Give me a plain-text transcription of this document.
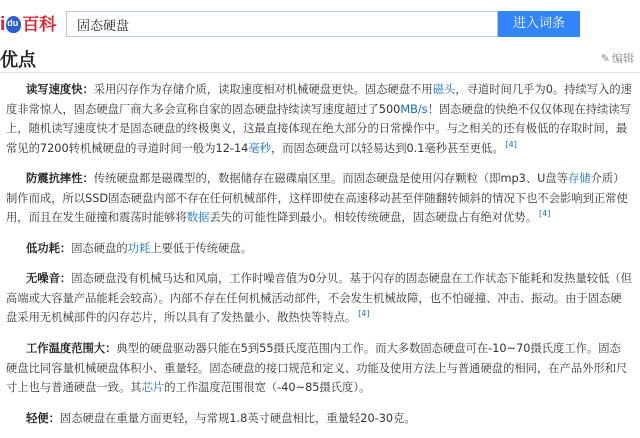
idu 百科
固态硬盘	进入词条
优点	✎ 编辑

读写速度快：采用闪存作为存储介质，读取速度相对机械硬盘更快。固态硬盘不用磁头，寻道时间几乎为0。持续写入的速度非常惊人，固态硬盘厂商大多会宣称自家的固态硬盘持续读写速度超过了500MB/s！固态硬盘的快绝不仅仅体现在持续读写上，随机读写速度快才是固态硬盘的终极奥义，这最直接体现在绝大部分的日常操作中。与之相关的还有极低的存取时间，最常见的7200转机械硬盘的寻道时间一般为12-14毫秒，而固态硬盘可以轻易达到0.1毫秒甚至更低。 [4]

防震抗摔性：传统硬盘都是磁碟型的，数据储存在磁碟扇区里。而固态硬盘是使用闪存颗粒（即mp3、U盘等存储介质）制作而成，所以SSD固态硬盘内部不存在任何机械部件，这样即使在高速移动甚至伴随翻转倾斜的情况下也不会影响到正常使用，而且在发生碰撞和震荡时能够将数据丢失的可能性降到最小。相较传统硬盘，固态硬盘占有绝对优势。 [4]

低功耗：固态硬盘的功耗上要低于传统硬盘。

无噪音：固态硬盘没有机械马达和风扇，工作时噪音值为0分贝。基于闪存的固态硬盘在工作状态下能耗和发热量较低（但高端或大容量产品能耗会较高）。内部不存在任何机械活动部件，不会发生机械故障，也不怕碰撞、冲击、振动。由于固态硬盘采用无机械部件的闪存芯片，所以具有了发热量小、散热快等特点。 [4]

工作温度范围大：典型的硬盘驱动器只能在5到55摄氏度范围内工作。而大多数固态硬盘可在-10~70摄氏度工作。固态硬盘比同容量机械硬盘体积小、重量轻。固态硬盘的接口规范和定义、功能及使用方法上与普通硬盘的相同，在产品外形和尺寸上也与普通硬盘一致。其芯片的工作温度范围很宽（-40~85摄氏度）。

轻便：固态硬盘在重量方面更轻，与常规1.8英寸硬盘相比，重量轻20-30克。
